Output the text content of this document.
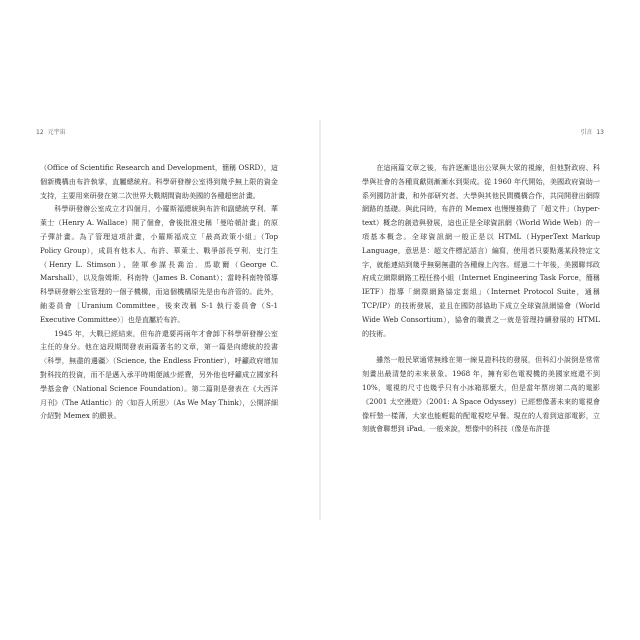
12 元宇宙

（Office of Scientific Research and Development，簡稱 OSRD），這個新機構由布許執掌，直屬總統府。科學研發辦公室得到幾乎無上限的資金支持，主要用來研發在第二次世界大戰期間資助美國的各種超密計畫。

科學研發辦公室成立才四個月，小羅斯福總統與布許和副總統亨利．華萊士（Henry A. Wallace）開了個會，會後批准史稱「曼哈頓計畫」的原子彈計畫。為了管理這項計畫，小羅斯福成立「最高政策小組」（Top Policy Group），成員有他本人、布許、華萊士、戰爭部長亨利．史汀生（Henry L. Stimson）、陸軍參謀長喬治．馬歇爾（George C. Marshall），以及詹姆斯．科南特（James B. Conant）；當時科南特領導科學研發辦公室管理的一個子機構，而這個機構原先是由布許管的。此外，鈾委員會〔Uranium Committee，後來改稱 S-1 執行委員會（S-1 Executive Committee）〕也是直屬於布許。

1945 年，大戰已經結束，但布許還要再兩年才會卸下科學研發辦公室主任的身分。他在這段期間發表兩篇著名的文章，第一篇是向總統的投書〈科學，無盡的邊疆〉（Science, the Endless Frontier），呼籲政府增加對科技的投資，而不是邁入承平時期便減少經費，另外他也呼籲成立國家科學基金會（National Science Foundation）。第二篇則是發表在《大西洋月刊》（The Atlantic）的〈如吾人所思〉（As We May Think），公開詳細介紹對 Memex 的願景。

引言 13

在這兩篇文章之後，布許逐漸退出公眾與大眾的視線，但他對政府、科學與社會的各種貢獻則漸漸水到渠成。從 1960 年代開始，美國政府資助一系列國防計畫，和外部研究者、大學與其他民間機構合作，共同開發出網際網路的基礎。與此同時，布許的 Memex 也慢慢推動了「超文件」（hyper-text）概念的創造與發展，這也正是全球資訊網（World Wide Web）的一項基本概念。全球資訊網一般正是以 HTML（HyperText Markup Language，意思是：超文件標記語言）編寫，使用者只要點選某段特定文字，就能連結到幾乎無窮無盡的各種線上內容。經過二十年後，美國聯邦政府成立網際網路工程任務小組（Internet Engineering Task Force，簡稱 IETF）指導「網際網路協定套組」（Internet Protocol Suite，通稱 TCP/IP）的技術發展，並且在國防部協助下成立全球資訊網協會（World Wide Web Consortium），協會的職責之一就是管理持續發展的 HTML 的技術。

雖然一般民眾通常無緣在第一線見證科技的發展，但科幻小說倒是常常刻畫出最清楚的未來景象。1968 年，擁有彩色電視機的美國家庭還不到 10%，電視的尺寸也幾乎只有小冰箱那麼大，但是當年票房第二高的電影《2001 太空漫遊》（2001: A Space Odyssey）已經想像著未來的電視會像杆墊一樣薄，大家也能輕鬆的配電視吃早餐。現在的人看到這部電影，立刻就會聯想到 iPad。一般來說，想像中的科技（像是布許提
